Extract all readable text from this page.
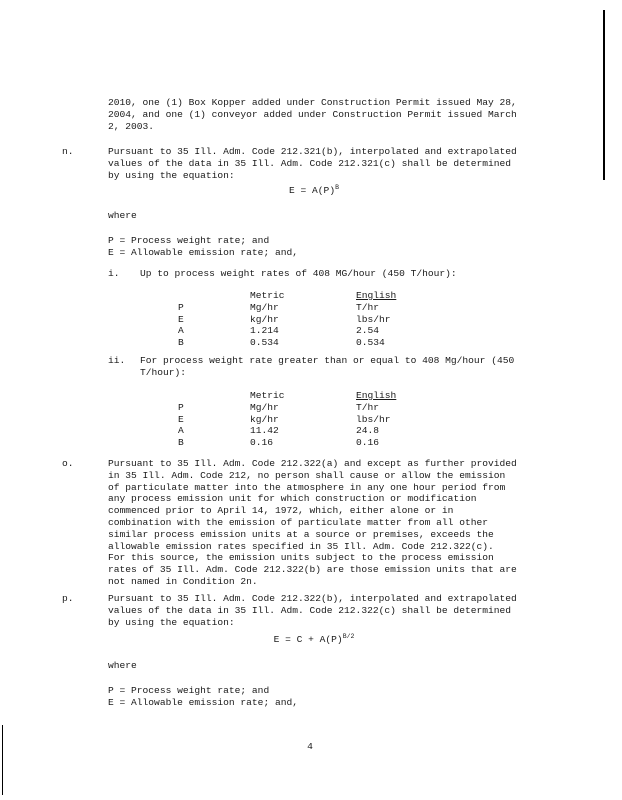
2010, one (1) Box Kopper added under Construction Permit issued May 28,
2004, and one (1) conveyor added under Construction Permit issued March
2, 2003.
n.	Pursuant to 35 Ill. Adm. Code 212.321(b), interpolated and extrapolated
values of the data in 35 Ill. Adm. Code 212.321(c) shall be determined
by using the equation:
$E = A(P)^B$
where
P = Process weight rate; and
E = Allowable emission rate; and,
i. Up to process weight rates of 408 MG/hour (450 T/hour):
	Metric	English
P	Mg/hr	T/hr
E	kg/hr	lbs/hr
A	1.214	2.54
B	0.534	0.534
ii. For process weight rate greater than or equal to 408 Mg/hour (450
T/hour):
	Metric	English
P	Mg/hr	T/hr
E	kg/hr	lbs/hr
A	11.42	24.8
B	0.16	0.16
o.	Pursuant to 35 Ill. Adm. Code 212.322(a) and except as further provided
in 35 Ill. Adm. Code 212, no person shall cause or allow the emission
of particulate matter into the atmosphere in any one hour period from
any process emission unit for which construction or modification
commenced prior to April 14, 1972, which, either alone or in
combination with the emission of particulate matter from all other
similar process emission units at a source or premises, exceeds the
allowable emission rates specified in 35 Ill. Adm. Code 212.322(c).
For this source, the emission units subject to the process emission
rates of 35 Ill. Adm. Code 212.322(b) are those emission units that are
not named in Condition 2n.
p.	Pursuant to 35 Ill. Adm. Code 212.322(b), interpolated and extrapolated
values of the data in 35 Ill. Adm. Code 212.322(c) shall be determined
by using the equation:
$E = C + A(P)^{B/2}$
where
P = Process weight rate; and
E = Allowable emission rate; and,
4
